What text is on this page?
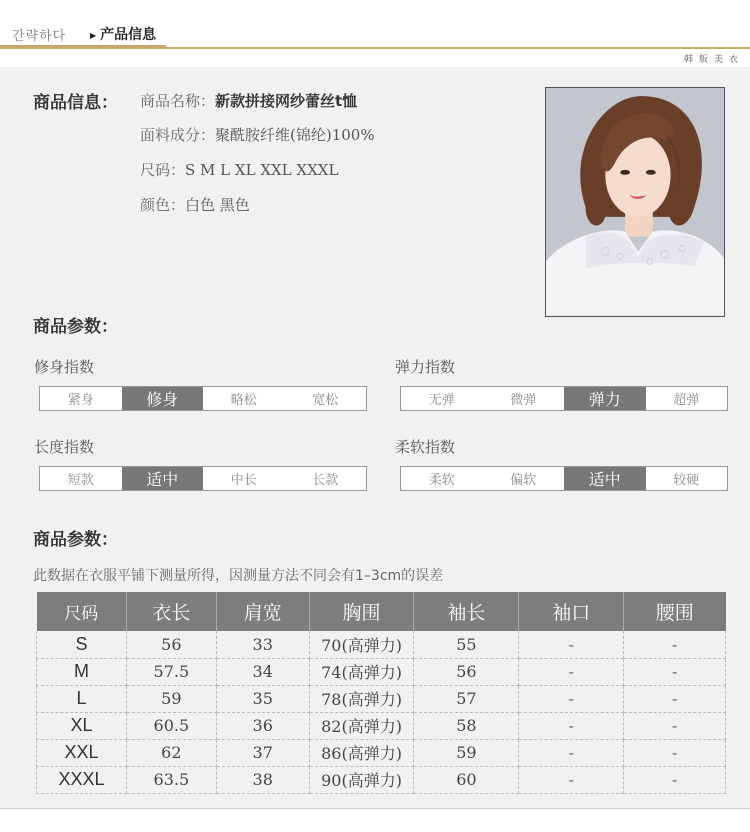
간략하다	▶ 产品信息
韩版美衣
商品信息： 商品名称：新款拼接网纱蕾丝t恤
面料成分：聚酰胺纤维(锦纶)100%
尺码：S M L XL XXL XXXL
颜色：白色 黑色
商品参数：
修身指数
紧身	修身	略松	宽松
弹力指数
无弹	微弹	弹力	超弹
长度指数
短款	适中	中长	长款
柔软指数
柔软	偏软	适中	较硬
商品参数：
此数据在衣服平铺下测量所得，因测量方法不同会有1–3cm的误差
尺码	衣长	肩宽	胸围	袖长	袖口	腰围
S	56	33	70(高弹力)	55	-	-
M	57.5	34	74(高弹力)	56	-	-
L	59	35	78(高弹力)	57	-	-
XL	60.5	36	82(高弹力)	58	-	-
XXL	62	37	86(高弹力)	59	-	-
XXXL	63.5	38	90(高弹力)	60	-	-
